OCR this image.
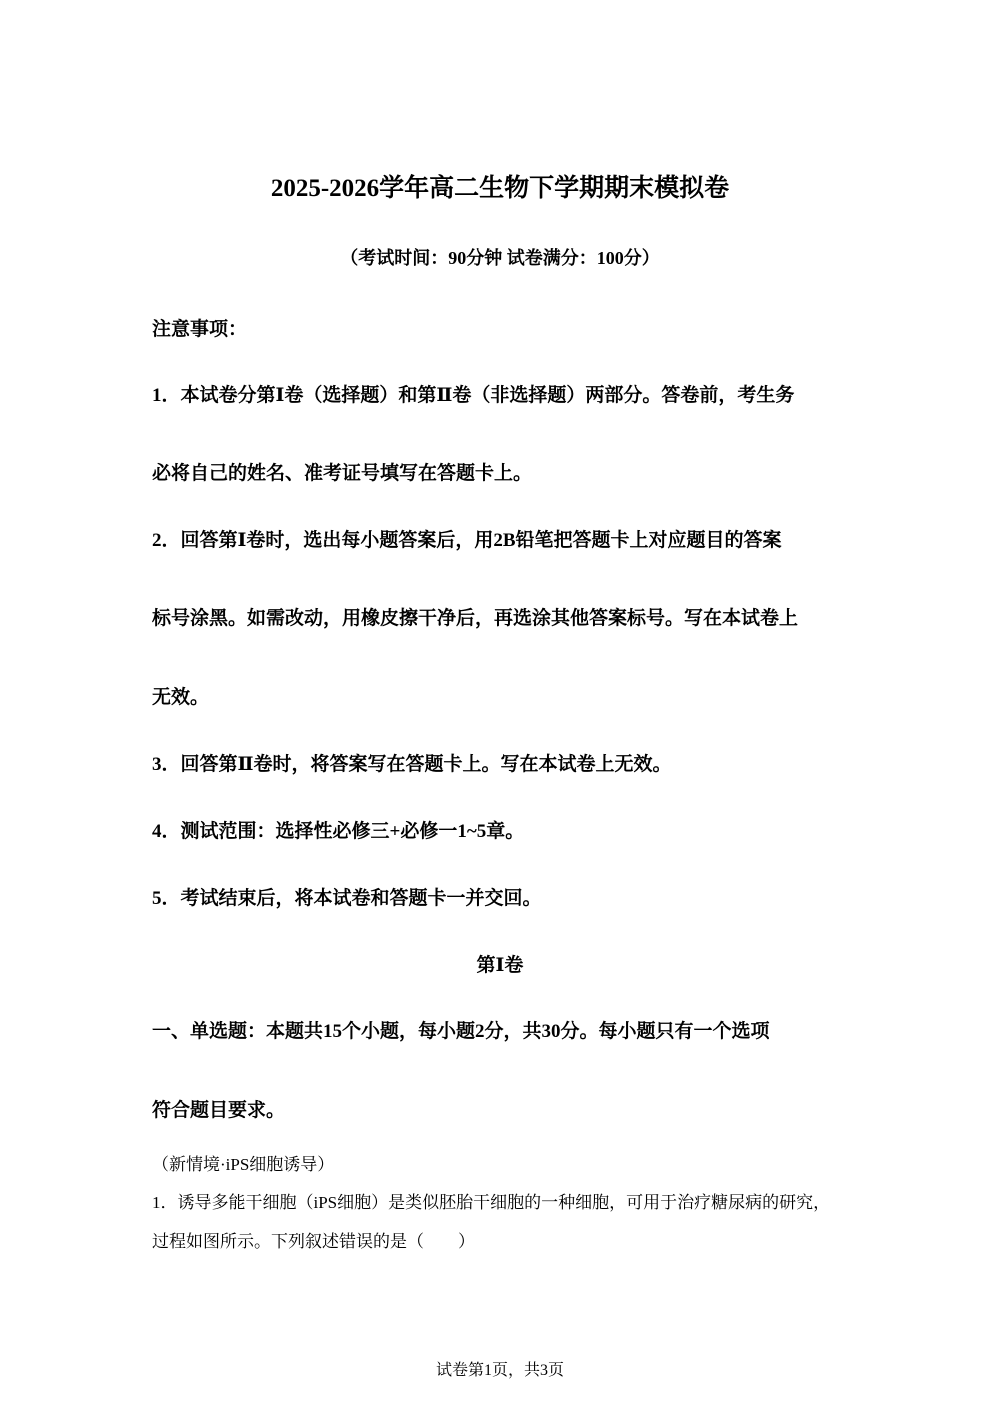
2025-2026学年高二生物下学期期末模拟卷
（考试时间：90分钟 试卷满分：100分）
注意事项：
1．本试卷分第Ⅰ卷（选择题）和第Ⅱ卷（非选择题）两部分。答卷前，考生务
必将自己的姓名、准考证号填写在答题卡上。
2．回答第Ⅰ卷时，选出每小题答案后，用2B铅笔把答题卡上对应题目的答案
标号涂黑。如需改动，用橡皮擦干净后，再选涂其他答案标号。写在本试卷上
无效。
3．回答第Ⅱ卷时，将答案写在答题卡上。写在本试卷上无效。
4．测试范围：选择性必修三+必修一1~5章。
5．考试结束后，将本试卷和答题卡一并交回。
第Ⅰ卷
一、单选题：本题共15个小题，每小题2分，共30分。每小题只有一个选项
符合题目要求。
（新情境·iPS细胞诱导）
1．诱导多能干细胞（iPS细胞）是类似胚胎干细胞的一种细胞，可用于治疗糖尿病的研究，
过程如图所示。下列叙述错误的是（　　）
试卷第1页，共3页
